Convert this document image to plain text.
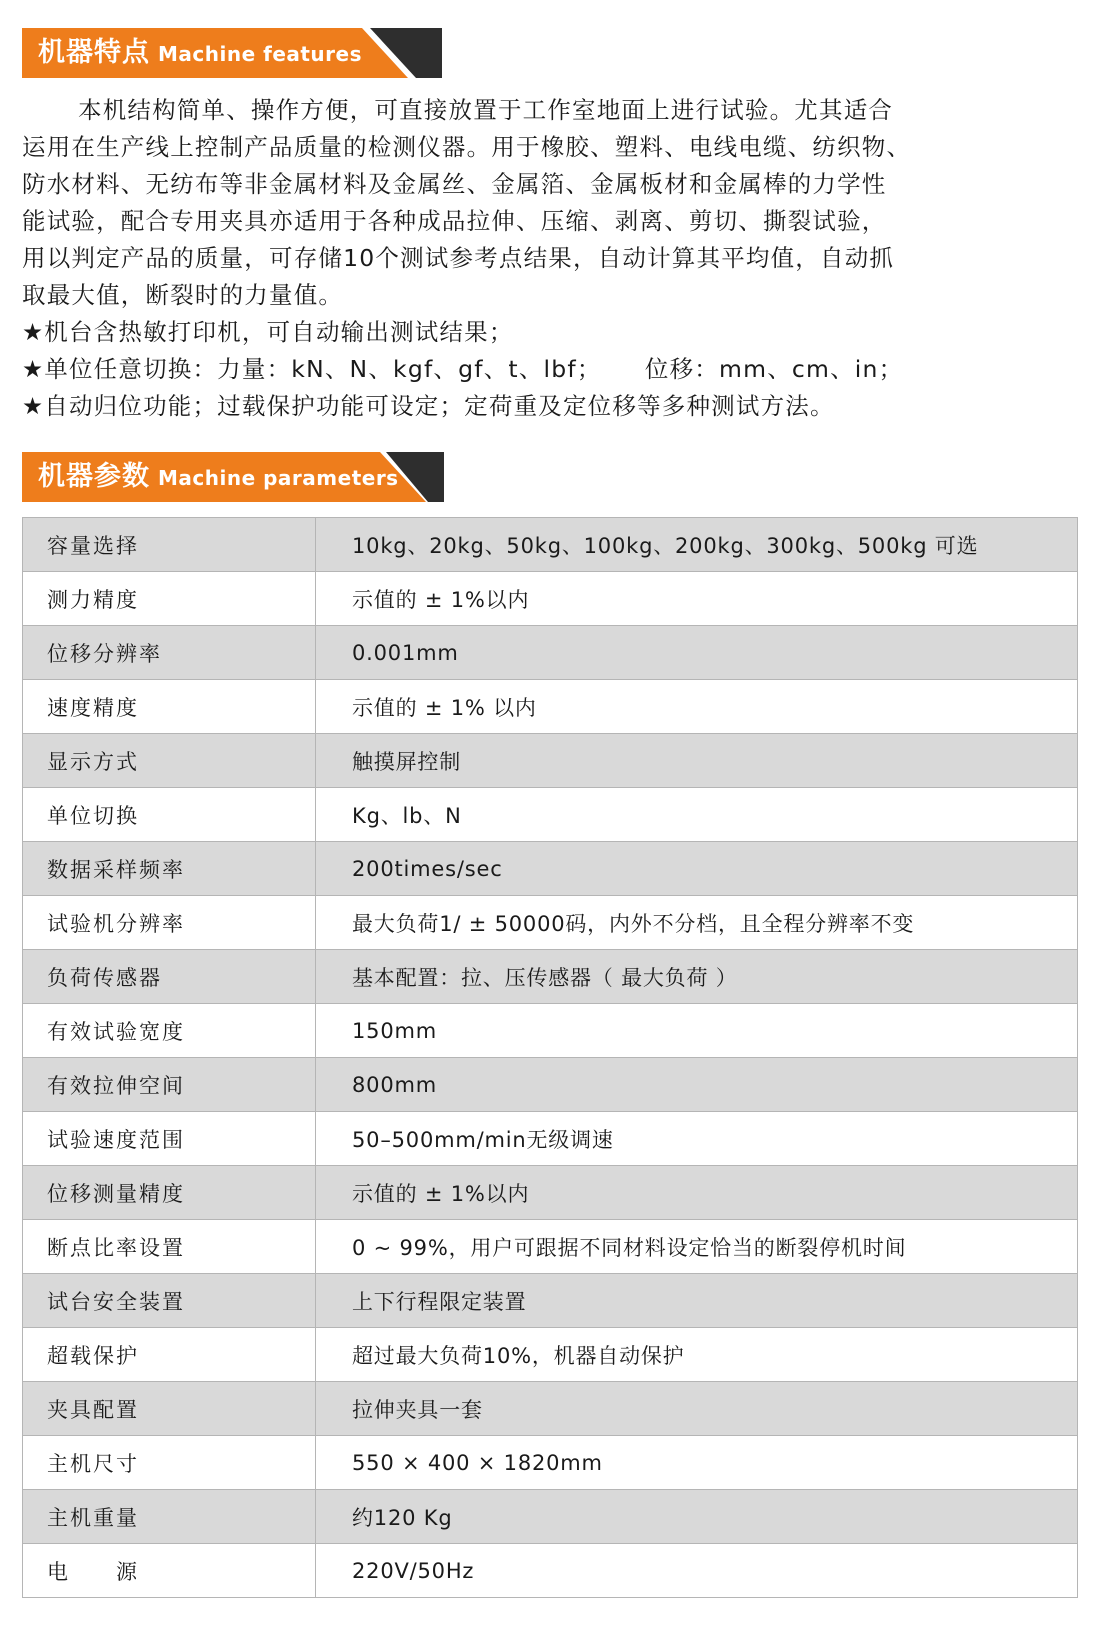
机器特点 Machine features

本机结构简单、操作方便，可直接放置于工作室地面上进行试验。尤其适合

运用在生产线上控制产品质量的检测仪器。用于橡胶、塑料、电线电缆、纺织物、

防水材料、无纺布等非金属材料及金属丝、金属箔、金属板材和金属棒的力学性

能试验，配合专用夹具亦适用于各种成品拉伸、压缩、剥离、剪切、撕裂试验，

用以判定产品的质量，可存储10个测试参考点结果，自动计算其平均值，自动抓

取最大值，断裂时的力量值。

★机台含热敏打印机，可自动输出测试结果；

★单位任意切换：力量：kN、N、kgf、gf、t、lbf；     位移：mm、cm、in；

★自动归位功能；过载保护功能可设定；定荷重及定位移等多种测试方法。

机器参数 Machine parameters
容量选择	10kg、20kg、50kg、100kg、200kg、300kg、500kg 可选
测力精度	示值的 ± 1%以内
位移分辨率	0.001mm
速度精度	示值的 ± 1% 以内
显示方式	触摸屏控制
单位切换	Kg、lb、N
数据采样频率	200times/sec
试验机分辨率	最大负荷1/ ± 50000码，内外不分档，且全程分辨率不变
负荷传感器	基本配置：拉、压传感器（ 最大负荷 ）
有效试验宽度	150mm
有效拉伸空间	800mm
试验速度范围	50–500mm/min无级调速
位移测量精度	示值的 ± 1%以内
断点比率设置	0 ~ 99%，用户可跟据不同材料设定恰当的断裂停机时间
试台安全装置	上下行程限定装置
超载保护	超过最大负荷10%，机器自动保护
夹具配置	拉伸夹具一套
主机尺寸	550 × 400 × 1820mm
主机重量	约120 Kg
电　　源	220V/50Hz
